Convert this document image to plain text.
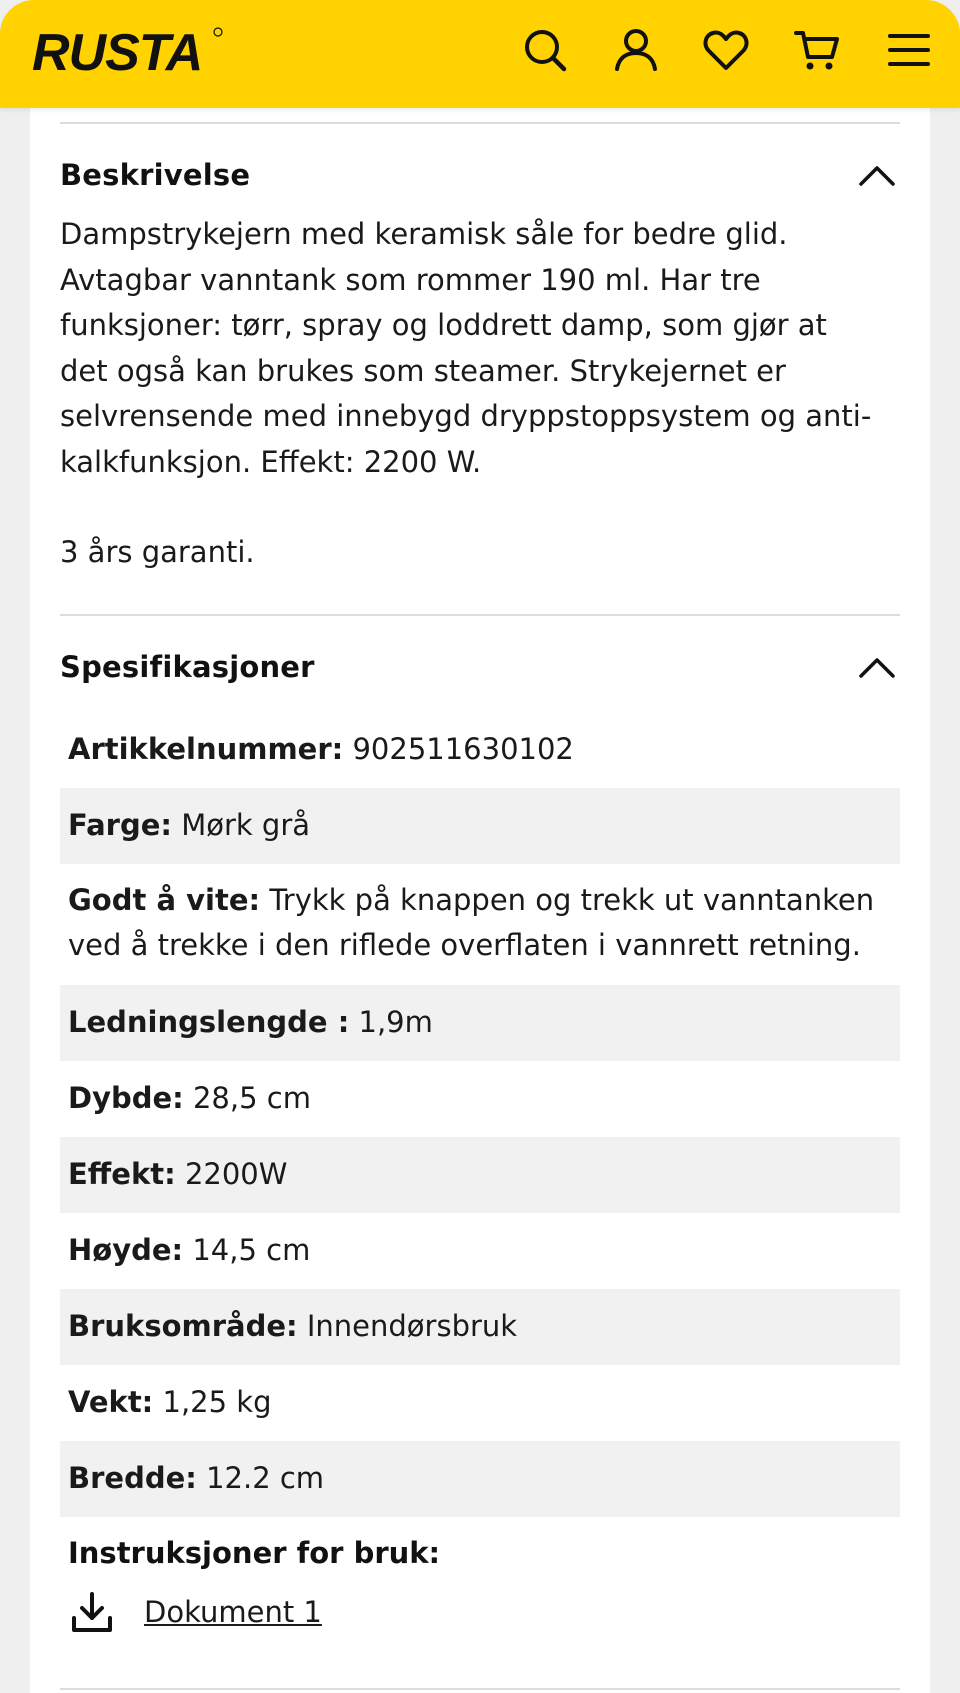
RUSTA
Beskrivelse

Dampstrykejern med keramisk såle for bedre glid. Avtagbar vanntank som rommer 190 ml. Har tre funksjoner: tørr, spray og loddrett damp, som gjør at det også kan brukes som steamer. Strykejernet er selvrensende med innebygd dryppstoppsystem og anti-kalkfunksjon. Effekt: 2200 W.

3 års garanti.

Spesifikasjoner
Artikkelnummer: 902511630102
Farge: Mørk grå
Godt å vite: Trykk på knappen og trekk ut vanntanken ved å trekke i den riflede overflaten i vannrett retning.
Ledningslengde : 1,9m
Dybde: 28,5 cm
Effekt: 2200W
Høyde: 14,5 cm
Bruksområde: Innendørsbruk
Vekt: 1,25 kg
Bredde: 12.2 cm
Instruksjoner for bruk:
Dokument 1
